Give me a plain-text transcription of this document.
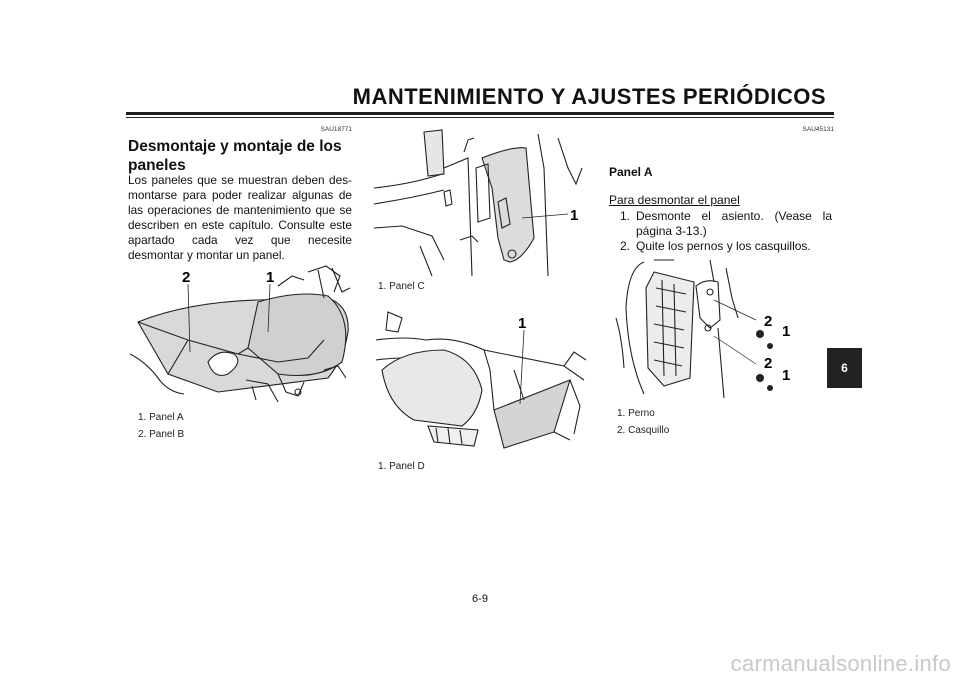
MANTENIMIENTO Y AJUSTES PERIÓDICOS
SAU18771
Desmontaje y montaje de los paneles
Los paneles que se muestran deben des-montarse para poder realizar algunas de las operaciones de mantenimiento que se describen en este capítulo. Consulte este apartado cada vez que necesite desmontar y montar un panel.
2	1
1. Panel A
2. Panel B
1
1. Panel C
1
1. Panel D
SAU45131
Panel A
Para desmontar el panel
1. Desmonte el asiento. (Vease la página 3-13.)
2. Quite los pernos y los casquillos.
2
1
2
1
1. Perno
2. Casquillo
6
6-9
carmanualsonline.info
